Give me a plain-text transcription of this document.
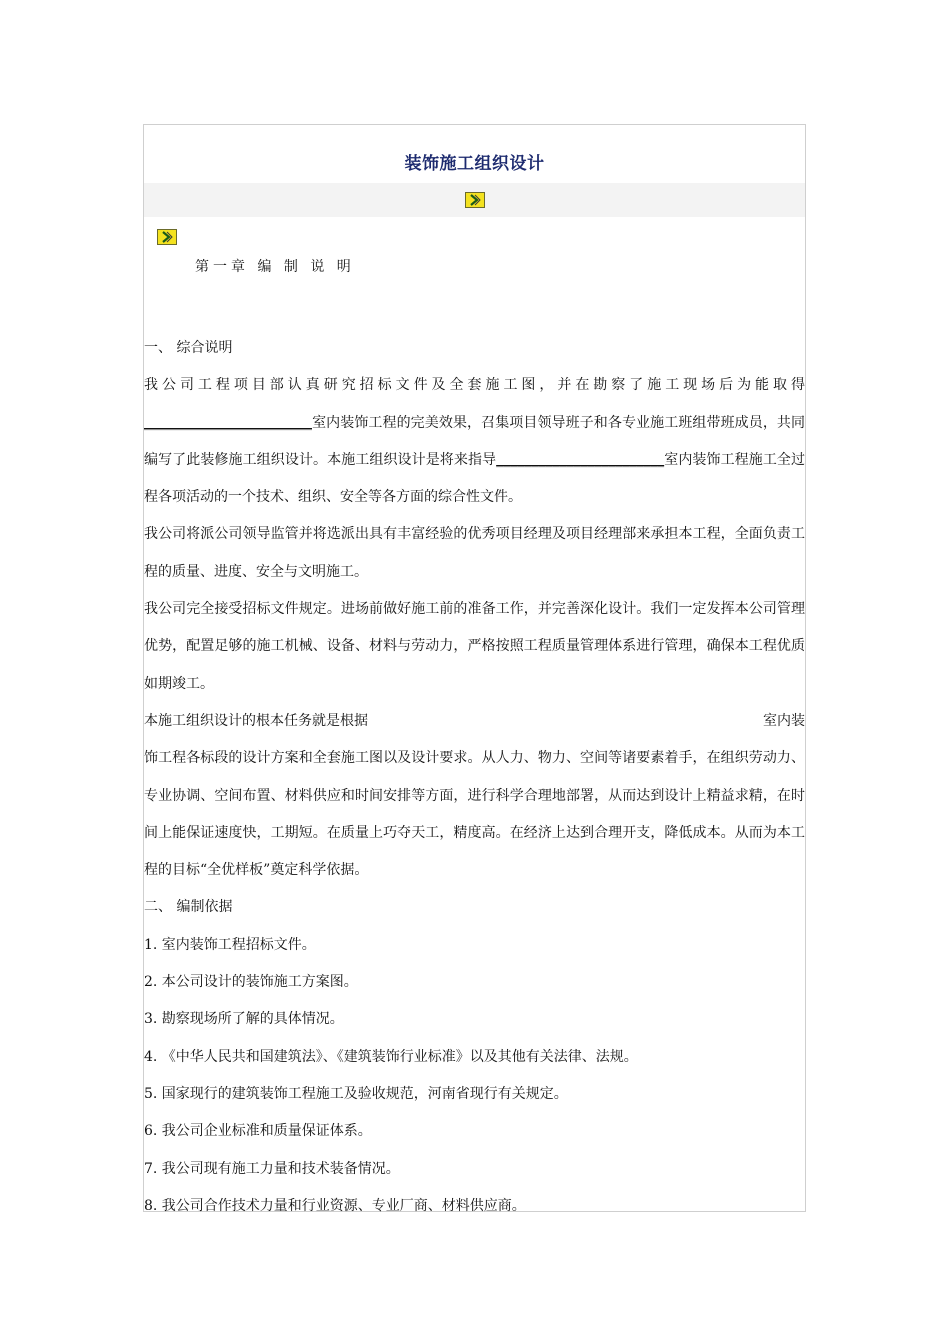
装饰施工组织设计
第一章 编 制 说 明

一、 综合说明

我公司工程项目部认真研究招标文件及全套施工图，并在勘察了施工现场后为能取得________________________室内装饰工程的完美效果，召集项目领导班子和各专业施工班组带班成员，共同编写了此装修施工组织设计。本施工组织设计是将来指导________________________室内装饰工程施工全过程各项活动的一个技术、组织、安全等各方面的综合性文件。

我公司将派公司领导监管并将选派出具有丰富经验的优秀项目经理及项目经理部来承担本工程，全面负责工程的质量、进度、安全与文明施工。

我公司完全接受招标文件规定。进场前做好施工前的准备工作，并完善深化设计。我们一定发挥本公司管理优势，配置足够的施工机械、设备、材料与劳动力，严格按照工程质量管理体系进行管理，确保本工程优质如期竣工。

本施工组织设计的根本任务就是根据	室内装

饰工程各标段的设计方案和全套施工图以及设计要求。从人力、物力、空间等诸要素着手，在组织劳动力、专业协调、空间布置、材料供应和时间安排等方面，进行科学合理地部署，从而达到设计上精益求精，在时间上能保证速度快，工期短。在质量上巧夺天工，精度高。在经济上达到合理开支，降低成本。从而为本工程的目标“全优样板”奠定科学依据。

二、 编制依据

1. 室内装饰工程招标文件。

2. 本公司设计的装饰施工方案图。

3. 勘察现场所了解的具体情况。

4. 《中华人民共和国建筑法》、《建筑装饰行业标准》以及其他有关法律、法规。

5. 国家现行的建筑装饰工程施工及验收规范，河南省现行有关规定。

6. 我公司企业标准和质量保证体系。

7. 我公司现有施工力量和技术装备情况。

8. 我公司合作技术力量和行业资源、专业厂商、材料供应商。
